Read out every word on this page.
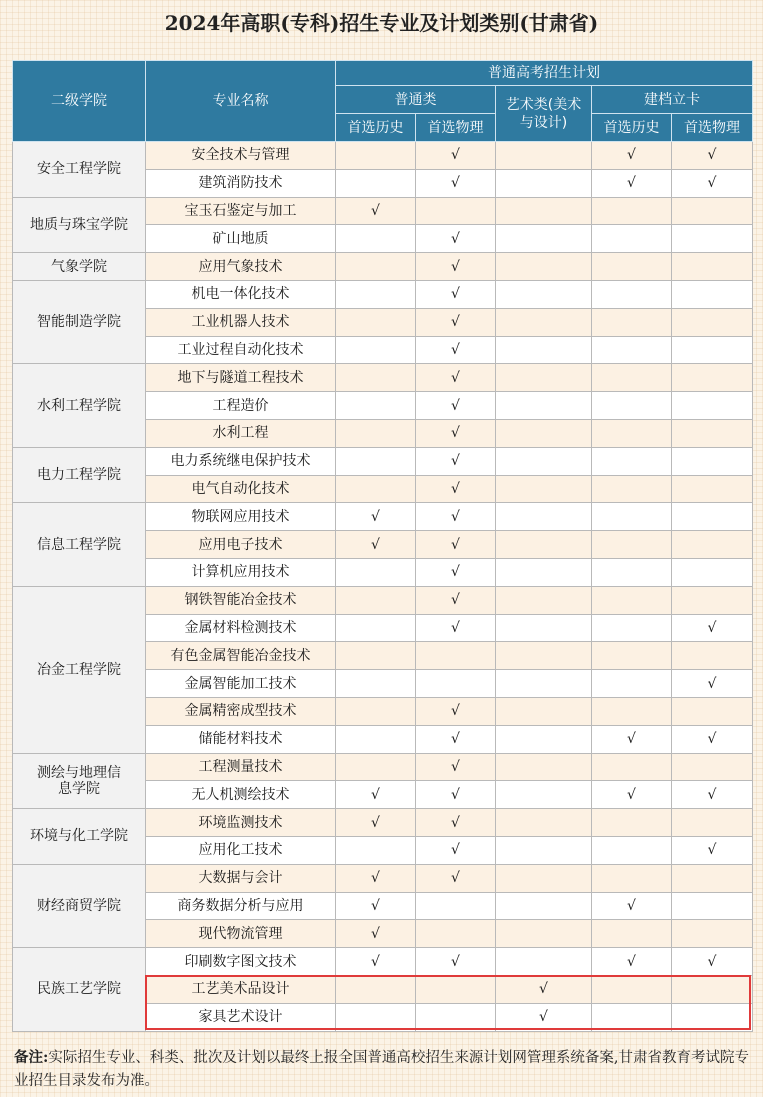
2024年高职(专科)招生专业及计划类别(甘肃省)
二级学院	专业名称	普通高考招生计划				
		普通类		艺术类(美术与设计)	建档立卡	
		首选历史	首选物理		首选历史	首选物理
安全工程学院	安全技术与管理		√		√	√
	建筑消防技术		√		√	√
地质与珠宝学院	宝玉石鉴定与加工	√				
	矿山地质		√			
气象学院	应用气象技术		√			
智能制造学院	机电一体化技术		√			
	工业机器人技术		√			
	工业过程自动化技术		√			
水利工程学院	地下与隧道工程技术		√			
	工程造价		√			
	水利工程		√			
电力工程学院	电力系统继电保护技术		√			
	电气自动化技术		√			
信息工程学院	物联网应用技术	√	√			
	应用电子技术	√	√			
	计算机应用技术		√			
冶金工程学院	钢铁智能冶金技术		√			
	金属材料检测技术		√			√
	有色金属智能冶金技术					
	金属智能加工技术					√
	金属精密成型技术		√			
	储能材料技术		√		√	√
测绘与地理信息学院	工程测量技术		√			
	无人机测绘技术	√	√		√	√
环境与化工学院	环境监测技术	√	√			
	应用化工技术		√			√
财经商贸学院	大数据与会计	√	√			
	商务数据分析与应用	√			√	
	现代物流管理	√				
民族工艺学院	印刷数字图文技术	√	√		√	√
	工艺美术品设计			√		
	家具艺术设计			√		
备注:实际招生专业、科类、批次及计划以最终上报全国普通高校招生来源计划网管理系统备案,甘肃省教育考试院专业招生目录发布为准。
